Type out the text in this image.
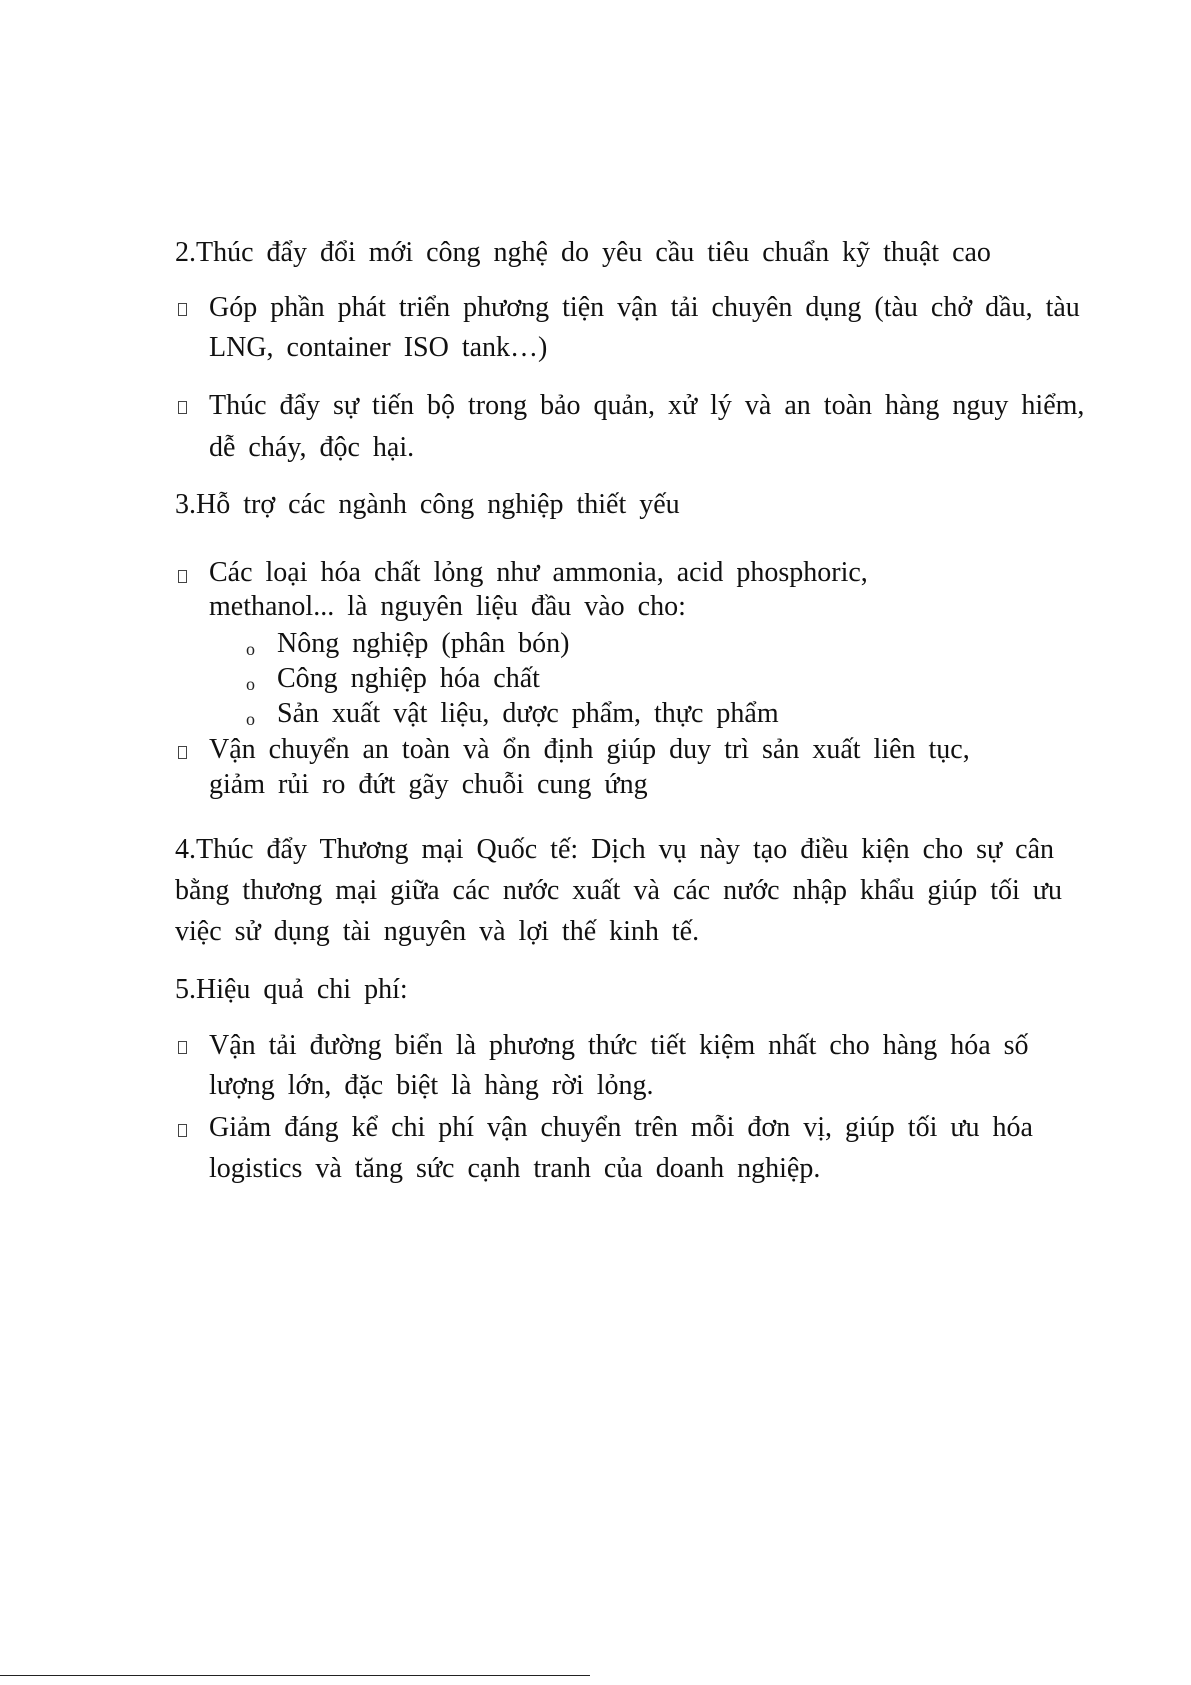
2.Thúc đẩy đổi mới công nghệ do yêu cầu tiêu chuẩn kỹ thuật cao
Góp phần phát triển phương tiện vận tải chuyên dụng (tàu chở dầu, tàu
LNG, container ISO tank…)
Thúc đẩy sự tiến bộ trong bảo quản, xử lý và an toàn hàng nguy hiểm,
dễ cháy, độc hại.
3.Hỗ trợ các ngành công nghiệp thiết yếu
Các loại hóa chất lỏng như ammonia, acid phosphoric,
methanol... là nguyên liệu đầu vào cho:
o Nông nghiệp (phân bón)
o Công nghiệp hóa chất
o Sản xuất vật liệu, dược phẩm, thực phẩm
Vận chuyển an toàn và ổn định giúp duy trì sản xuất liên tục,
giảm rủi ro đứt gãy chuỗi cung ứng
4.Thúc đẩy Thương mại Quốc tế: Dịch vụ này tạo điều kiện cho sự cân
bằng thương mại giữa các nước xuất và các nước nhập khẩu giúp tối ưu
việc sử dụng tài nguyên và lợi thế kinh tế.
5.Hiệu quả chi phí:
Vận tải đường biển là phương thức tiết kiệm nhất cho hàng hóa số
lượng lớn, đặc biệt là hàng rời lỏng.
Giảm đáng kể chi phí vận chuyển trên mỗi đơn vị, giúp tối ưu hóa
logistics và tăng sức cạnh tranh của doanh nghiệp.
